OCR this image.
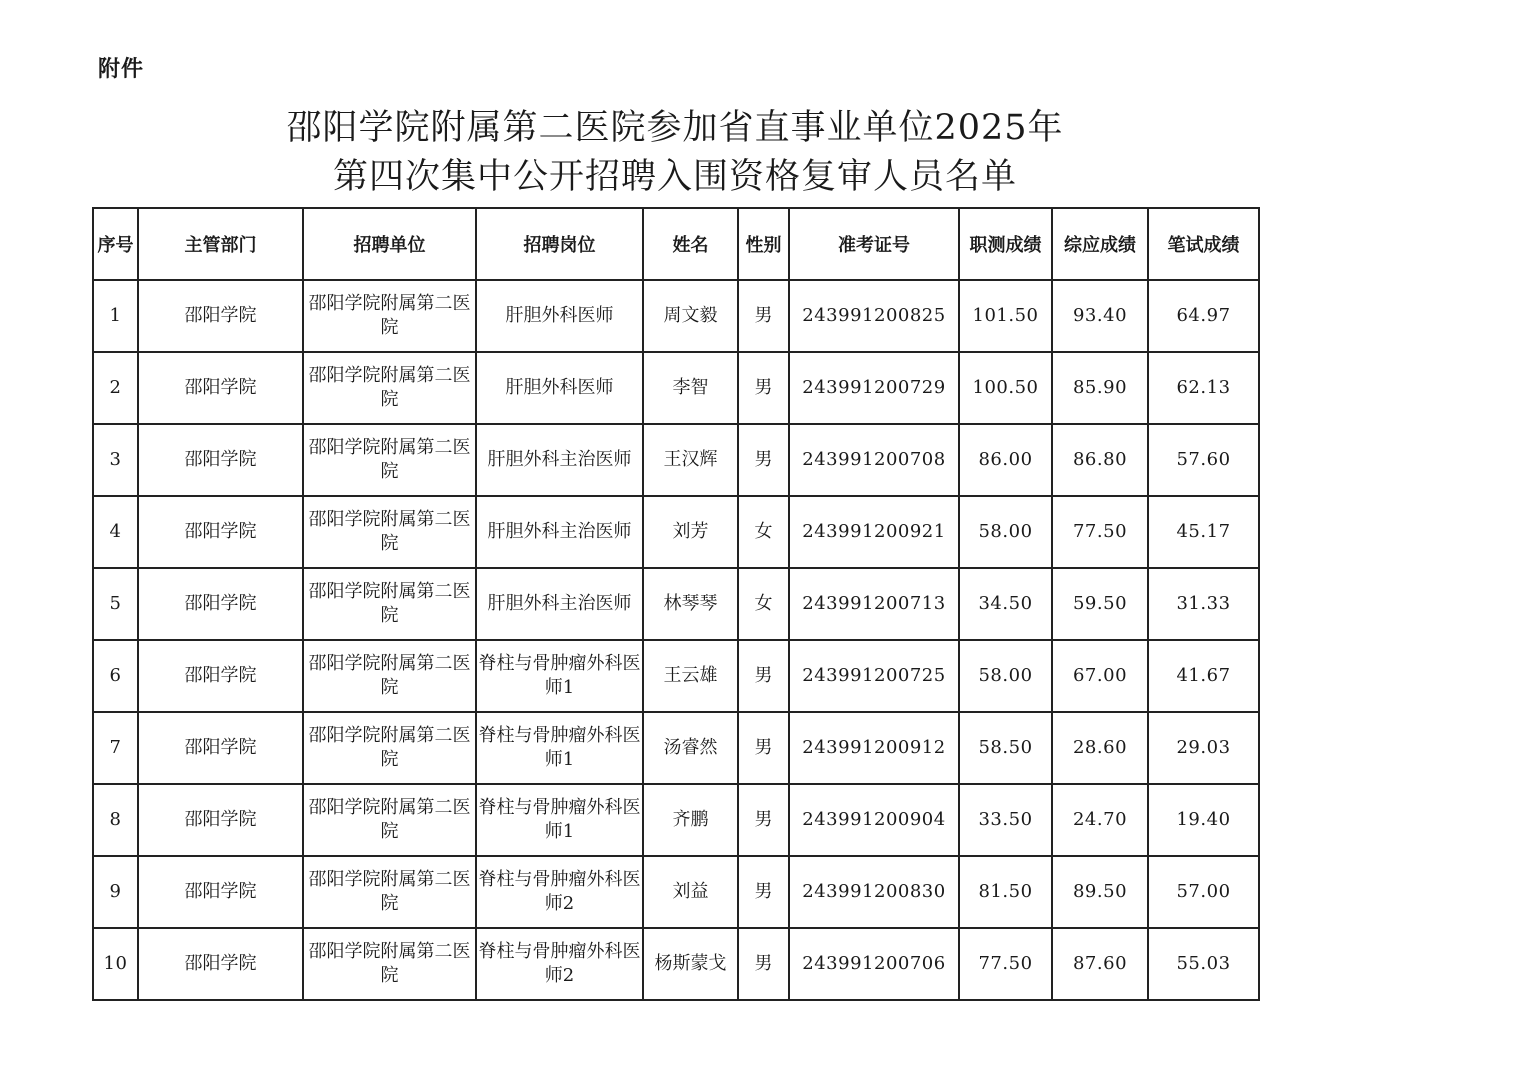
附件
邵阳学院附属第二医院参加省直事业单位2025年
第四次集中公开招聘入围资格复审人员名单
序号	主管部门	招聘单位	招聘岗位	姓名	性别	准考证号	职测成绩	综应成绩	笔试成绩
1	邵阳学院	邵阳学院附属第二医院	肝胆外科医师	周文毅	男	243991200825	101.50	93.40	64.97
2	邵阳学院	邵阳学院附属第二医院	肝胆外科医师	李智	男	243991200729	100.50	85.90	62.13
3	邵阳学院	邵阳学院附属第二医院	肝胆外科主治医师	王汉辉	男	243991200708	86.00	86.80	57.60
4	邵阳学院	邵阳学院附属第二医院	肝胆外科主治医师	刘芳	女	243991200921	58.00	77.50	45.17
5	邵阳学院	邵阳学院附属第二医院	肝胆外科主治医师	林琴琴	女	243991200713	34.50	59.50	31.33
6	邵阳学院	邵阳学院附属第二医院	脊柱与骨肿瘤外科医师1	王云雄	男	243991200725	58.00	67.00	41.67
7	邵阳学院	邵阳学院附属第二医院	脊柱与骨肿瘤外科医师1	汤睿然	男	243991200912	58.50	28.60	29.03
8	邵阳学院	邵阳学院附属第二医院	脊柱与骨肿瘤外科医师1	齐鹏	男	243991200904	33.50	24.70	19.40
9	邵阳学院	邵阳学院附属第二医院	脊柱与骨肿瘤外科医师2	刘益	男	243991200830	81.50	89.50	57.00
10	邵阳学院	邵阳学院附属第二医院	脊柱与骨肿瘤外科医师2	杨斯蒙戈	男	243991200706	77.50	87.60	55.03
